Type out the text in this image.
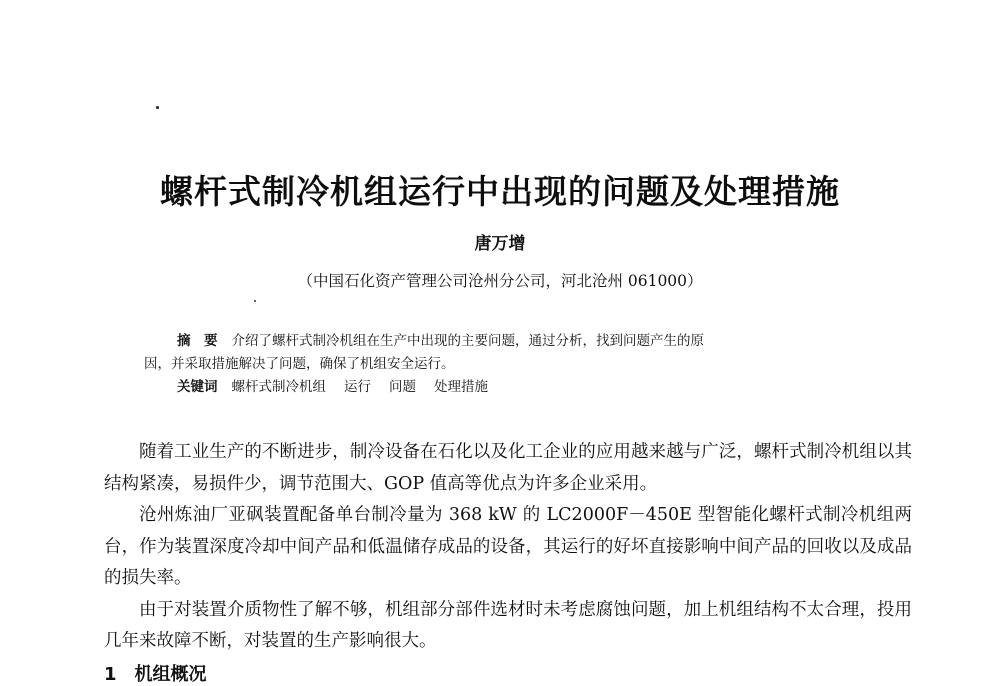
螺杆式制冷机组运行中出现的问题及处理措施
唐万增
（中国石化资产管理公司沧州分公司，河北沧州 061000）
摘　要 介绍了螺杆式制冷机组在生产中出现的主要问题，通过分析，找到问题产生的原
因，并采取措施解决了问题，确保了机组安全运行。
关键词 螺杆式制冷机组 运行 问题 处理措施

随着工业生产的不断进步，制冷设备在石化以及化工企业的应用越来越与广泛，螺杆式制冷机组以其结构紧凑，易损件少，调节范围大、GOP 值高等优点为许多企业采用。

沧州炼油厂亚砜装置配备单台制冷量为 368 kW 的 LC2000F－450E 型智能化螺杆式制冷机组两台，作为装置深度冷却中间产品和低温储存成品的设备，其运行的好坏直接影响中间产品的回收以及成品的损失率。

由于对装置介质物性了解不够，机组部分部件选材时未考虑腐蚀问题，加上机组结构不太合理，投用几年来故障不断，对装置的生产影响很大。

1 机组概况
